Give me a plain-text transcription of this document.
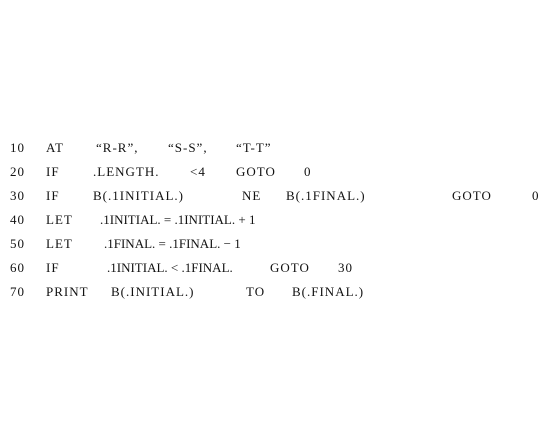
10 AT “R-R”, “S-S”, “T-T”
20 IF	.LENGTH. <4 GOTO 0
30 IF	B(.1INITIAL.)	NE B(.1FINAL.)	GOTO	0
40 LET .1INITIAL. = .1INITIAL. + 1
50 LET .1FINAL. = .1FINAL. − 1
60 IF	.1INITIAL. < .1FINAL.	GOTO 30
70 PRINT B(.INITIAL.)	TO B(.FINAL.)
